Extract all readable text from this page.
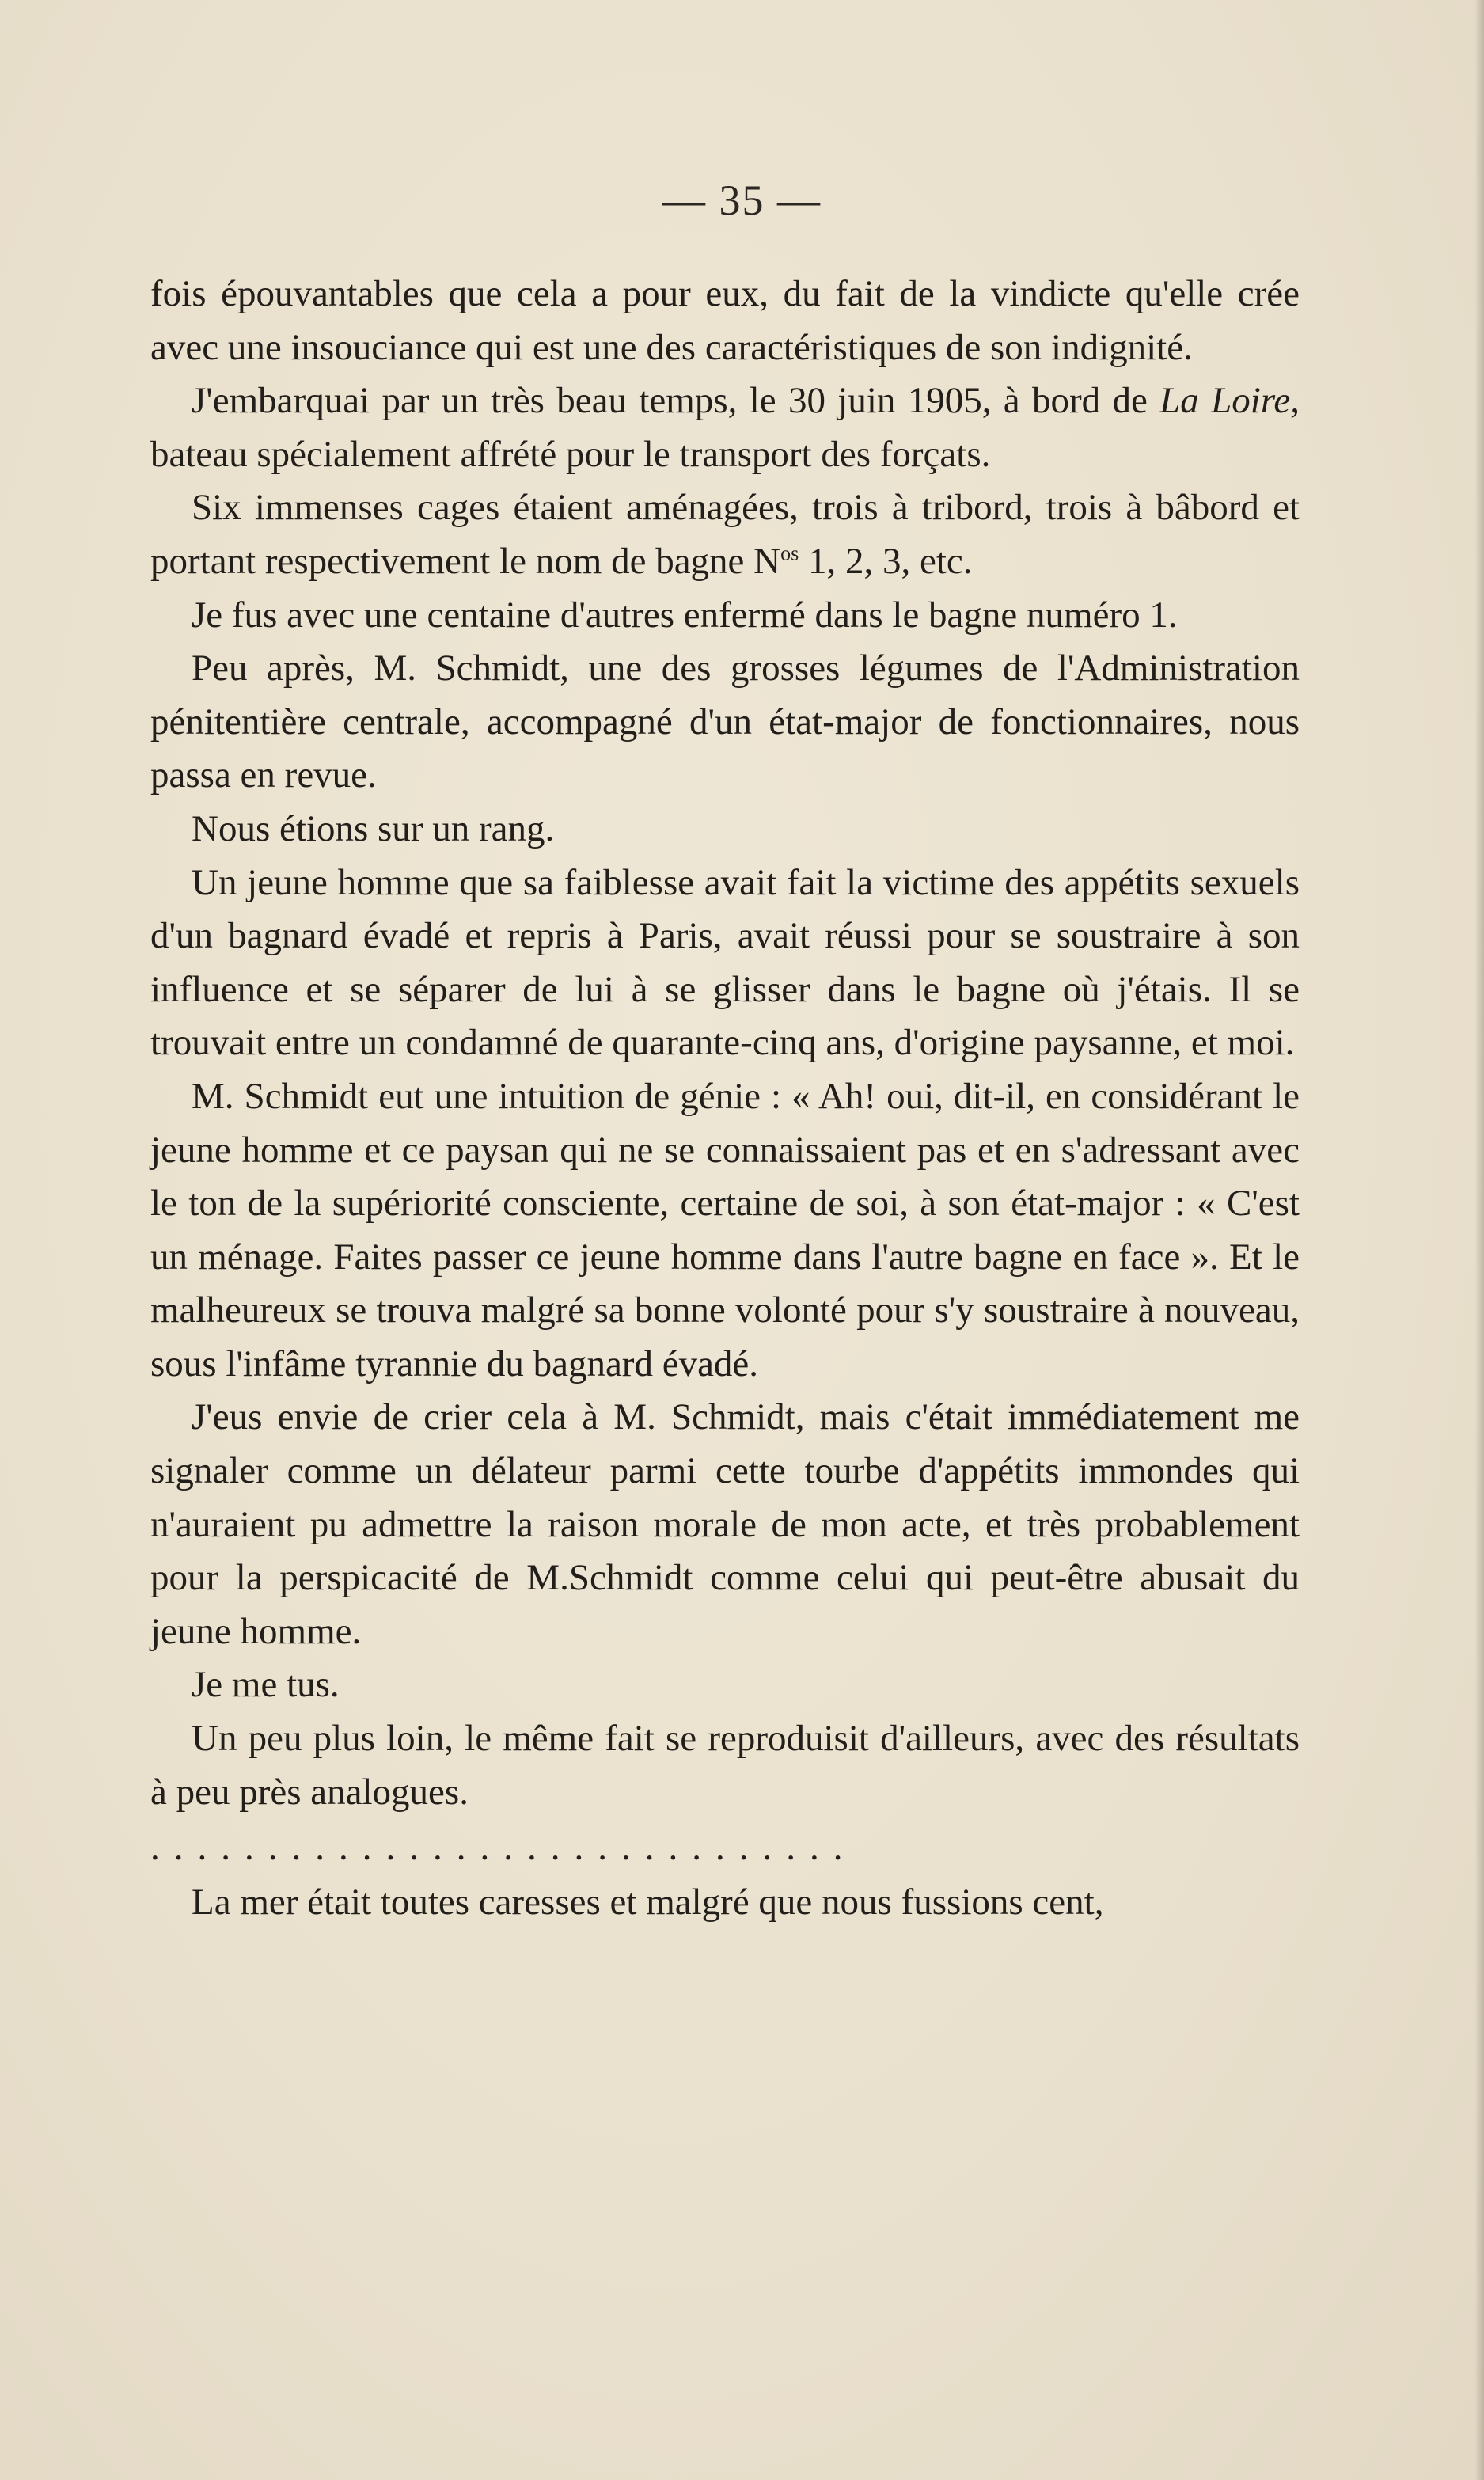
— 35 —

fois épouvantables que cela a pour eux, du fait de la vindicte qu'elle crée avec une insouciance qui est une des caractéristiques de son indignité.

J'embarquai par un très beau temps, le 30 juin 1905, à bord de La Loire, bateau spécialement affrété pour le transport des forçats.

Six immenses cages étaient aménagées, trois à tribord, trois à bâbord et portant respectivement le nom de bagne $N^{os}$ 1, 2, 3, etc.

Je fus avec une centaine d'autres enfermé dans le bagne numéro 1.

Peu après, M. Schmidt, une des grosses légumes de l'Administration pénitentière centrale, accompagné d'un état-major de fonctionnaires, nous passa en revue.

Nous étions sur un rang.

Un jeune homme que sa faiblesse avait fait la victime des appétits sexuels d'un bagnard évadé et repris à Paris, avait réussi pour se soustraire à son influence et se séparer de lui à se glisser dans le bagne où j'étais. Il se trouvait entre un condamné de quarante-cinq ans, d'origine paysanne, et moi.

M. Schmidt eut une intuition de génie : « Ah! oui, dit-il, en considérant le jeune homme et ce paysan qui ne se connaissaient pas et en s'adressant avec le ton de la supériorité consciente, certaine de soi, à son état-major : « C'est un ménage. Faites passer ce jeune homme dans l'autre bagne en face ». Et le malheureux se trouva malgré sa bonne volonté pour s'y soustraire à nouveau, sous l'infâme tyrannie du bagnard évadé.

J'eus envie de crier cela à M. Schmidt, mais c'était immédiatement me signaler comme un délateur parmi cette tourbe d'appétits immondes qui n'auraient pu admettre la raison morale de mon acte, et très probablement pour la perspicacité de M.Schmidt comme celui qui peut-être abusait du jeune homme.

Je me tus.

Un peu plus loin, le même fait se reproduisit d'ailleurs, avec des résultats à peu près analogues.

..............................

La mer était toutes caresses et malgré que nous fussions cent,
